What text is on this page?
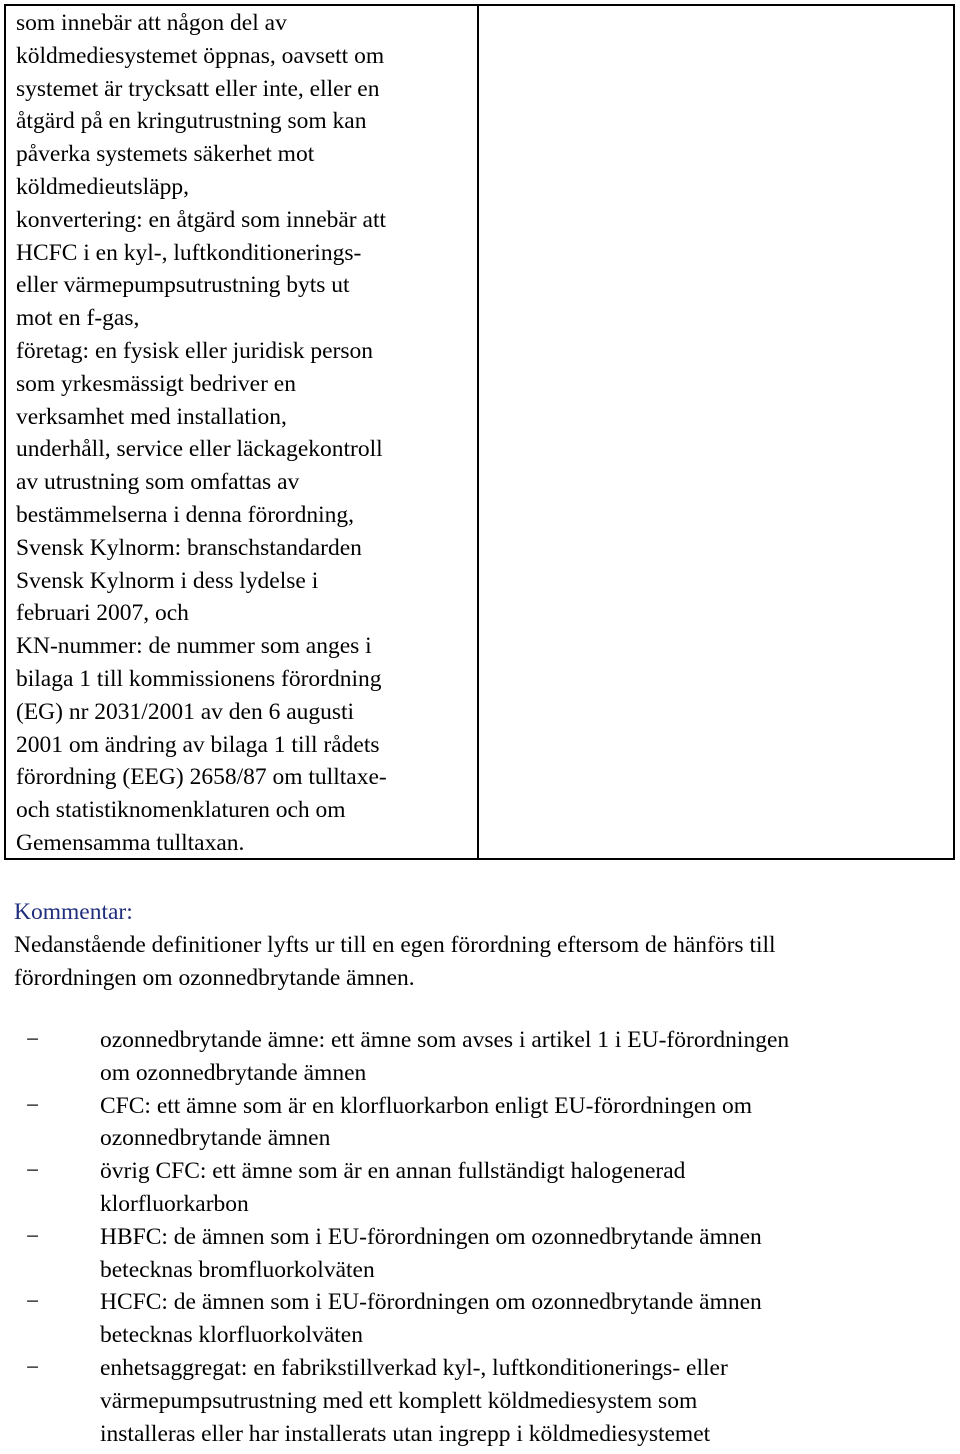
som innebär att någon del av
köldmediesystemet öppnas, oavsett om
systemet är trycksatt eller inte, eller en
åtgärd på en kringutrustning som kan
påverka systemets säkerhet mot
köldmedieutsläpp,
konvertering: en åtgärd som innebär att
HCFC i en kyl-, luftkonditionerings-
eller värmepumpsutrustning byts ut
mot en f-gas,
företag: en fysisk eller juridisk person
som yrkesmässigt bedriver en
verksamhet med installation,
underhåll, service eller läckagekontroll
av utrustning som omfattas av
bestämmelserna i denna förordning,
Svensk Kylnorm: branschstandarden
Svensk Kylnorm i dess lydelse i
februari 2007, och
KN-nummer: de nummer som anges i
bilaga 1 till kommissionens förordning
(EG) nr 2031/2001 av den 6 augusti
2001 om ändring av bilaga 1 till rådets
förordning (EEG) 2658/87 om tulltaxe-
och statistiknomenklaturen och om
Gemensamma tulltaxan.
Kommentar:
Nedanstående definitioner lyfts ur till en egen förordning eftersom de hänförs till
förordningen om ozonnedbrytande ämnen.
−	ozonnedbrytande ämne: ett ämne som avses i artikel 1 i EU-förordningen
om ozonnedbrytande ämnen
−	CFC: ett ämne som är en klorfluorkarbon enligt EU-förordningen om
ozonnedbrytande ämnen
−	övrig CFC: ett ämne som är en annan fullständigt halogenerad
klorfluorkarbon
−	HBFC: de ämnen som i EU-förordningen om ozonnedbrytande ämnen
betecknas bromfluorkolväten
−	HCFC: de ämnen som i EU-förordningen om ozonnedbrytande ämnen
betecknas klorfluorkolväten
−	enhetsaggregat: en fabrikstillverkad kyl-, luftkonditionerings- eller
värmepumpsutrustning med ett komplett köldmediesystem som
installeras eller har installerats utan ingrepp i köldmediesystemet
